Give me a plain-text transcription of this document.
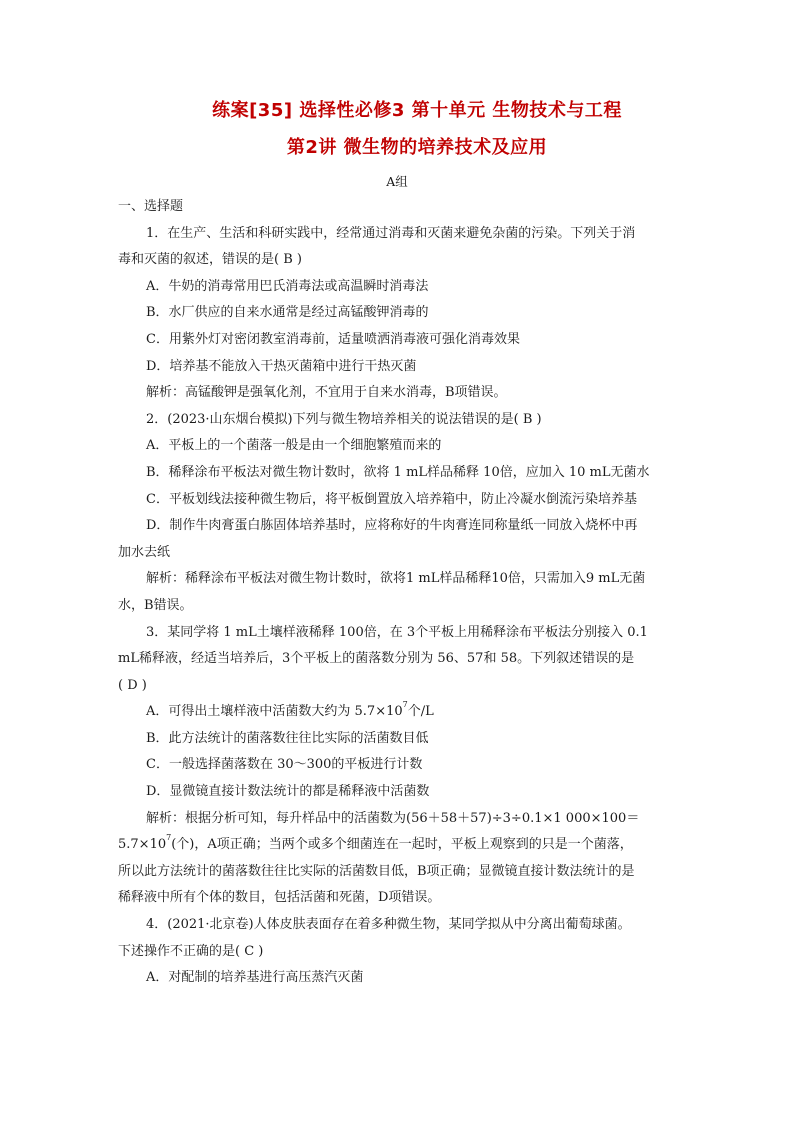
练案[35] 选择性必修3 第十单元 生物技术与工程
第2讲 微生物的培养技术及应用
A组
一、选择题
1．在生产、生活和科研实践中，经常通过消毒和灭菌来避免杂菌的污染。下列关于消
毒和灭菌的叙述，错误的是( B )
A．牛奶的消毒常用巴氏消毒法或高温瞬时消毒法
B．水厂供应的自来水通常是经过高锰酸钾消毒的
C．用紫外灯对密闭教室消毒前，适量喷洒消毒液可强化消毒效果
D．培养基不能放入干热灭菌箱中进行干热灭菌
解析：高锰酸钾是强氧化剂，不宜用于自来水消毒，B项错误。
2．(2023·山东烟台模拟)下列与微生物培养相关的说法错误的是( B )
A．平板上的一个菌落一般是由一个细胞繁殖而来的
B．稀释涂布平板法对微生物计数时，欲将 1 mL样品稀释 10倍，应加入 10 mL无菌水
C．平板划线法接种微生物后，将平板倒置放入培养箱中，防止冷凝水倒流污染培养基
D．制作牛肉膏蛋白胨固体培养基时，应将称好的牛肉膏连同称量纸一同放入烧杯中再
加水去纸
解析：稀释涂布平板法对微生物计数时，欲将1 mL样品稀释10倍，只需加入9 mL无菌
水，B错误。
3．某同学将 1 mL土壤样液稀释 100倍，在 3个平板上用稀释涂布平板法分别接入 0.1
mL稀释液，经适当培养后，3个平板上的菌落数分别为 56、57和 58。下列叙述错误的是
( D )
A．可得出土壤样液中活菌数大约为 $5.7\times 10^7$个/L
B．此方法统计的菌落数往往比实际的活菌数目低
C．一般选择菌落数在 30～300的平板进行计数
D．显微镜直接计数法统计的都是稀释液中活菌数
解析：根据分析可知，每升样品中的活菌数为(56＋58＋57)÷3÷0.1×1 000×100＝
$5.7\times 10^7$(个)，A项正确；当两个或多个细菌连在一起时，平板上观察到的只是一个菌落，
所以此方法统计的菌落数往往比实际的活菌数目低，B项正确；显微镜直接计数法统计的是
稀释液中所有个体的数目，包括活菌和死菌，D项错误。
4．(2021·北京卷)人体皮肤表面存在着多种微生物，某同学拟从中分离出葡萄球菌。
下述操作不正确的是( C )
A．对配制的培养基进行高压蒸汽灭菌
